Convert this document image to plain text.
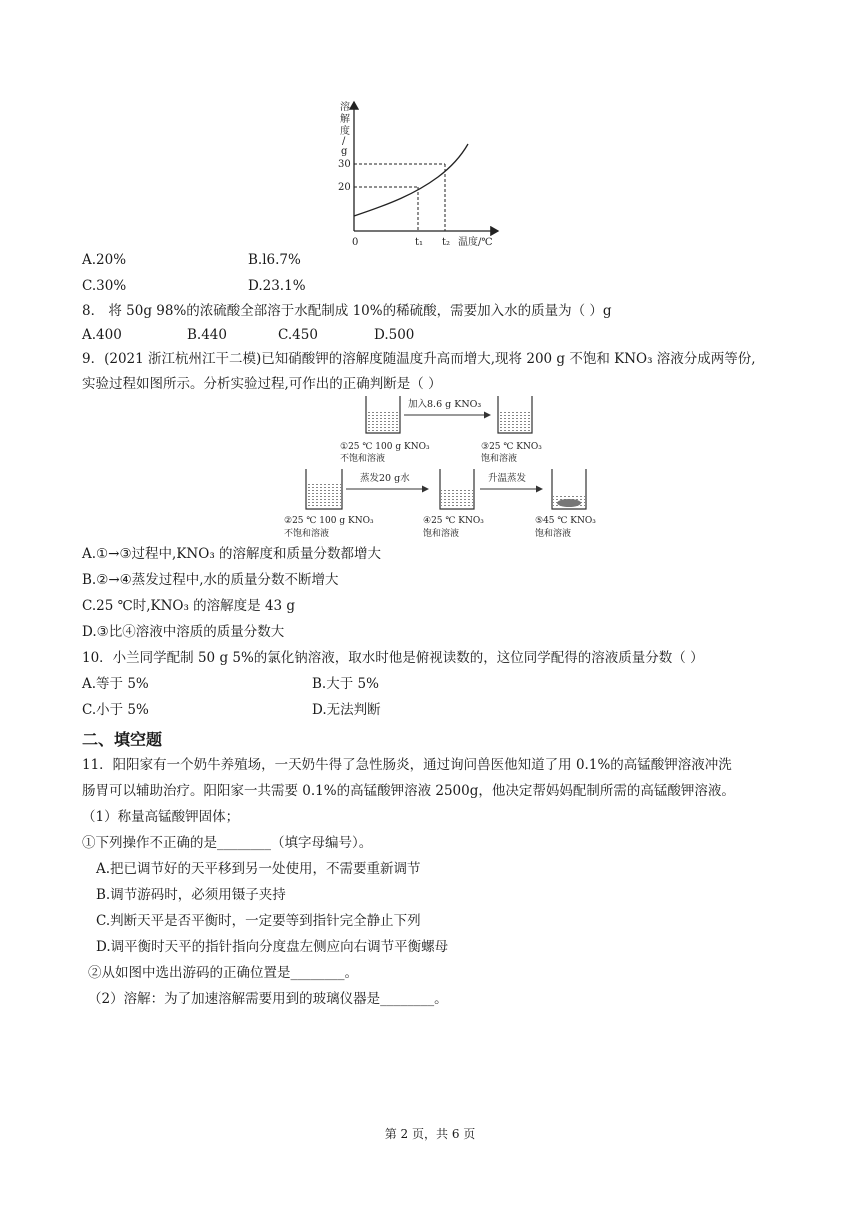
溶
解
度
/
g
30
20
0	t₁ t₂ 温度/℃
A.20%	B.l6.7%
C.30%	D.23.1%
8． 将 50g 98%的浓硫酸全部溶于水配制成 10%的稀硫酸，需要加入水的质量为（ ）g
A.400	B.440	C.450	D.500
9．(2021 浙江杭州江干二模)已知硝酸钾的溶解度随温度升高而增大,现将 200 g 不饱和 KNO₃ 溶液分成两等份,
实验过程如图所示。分析实验过程,可作出的正确判断是（ ）
加入8.6 g KNO₃
①25 ℃ 100 g KNO₃
不饱和溶液
③25 ℃ KNO₃
饱和溶液
蒸发20 g水	升温蒸发
②25 ℃ 100 g KNO₃
不饱和溶液
④25 ℃ KNO₃
饱和溶液
⑤45 ℃ KNO₃
饱和溶液
A.①→③过程中,KNO₃ 的溶解度和质量分数都增大
B.②→④蒸发过程中,水的质量分数不断增大
C.25 ℃时,KNO₃ 的溶解度是 43 g
D.③比④溶液中溶质的质量分数大
10．小兰同学配制 50 g 5%的氯化钠溶液，取水时他是俯视读数的，这位同学配得的溶液质量分数（ ）
A.等于 5%	B.大于 5%
C.小于 5%	D.无法判断
二、填空题
11．阳阳家有一个奶牛养殖场，一天奶牛得了急性肠炎，通过询问兽医他知道了用 0.1%的高锰酸钾溶液冲洗
肠胃可以辅助治疗。阳阳家一共需要 0.1%的高锰酸钾溶液 2500g，他决定帮妈妈配制所需的高锰酸钾溶液。
（1）称量高锰酸钾固体；
①下列操作不正确的是________（填字母编号）。
A.把已调节好的天平移到另一处使用，不需要重新调节
B.调节游码时，必须用镊子夹持
C.判断天平是否平衡时，一定要等到指针完全静止下列
D.调平衡时天平的指针指向分度盘左侧应向右调节平衡螺母
②从如图中选出游码的正确位置是________。
（2）溶解：为了加速溶解需要用到的玻璃仪器是________。
第 2 页，共 6 页
